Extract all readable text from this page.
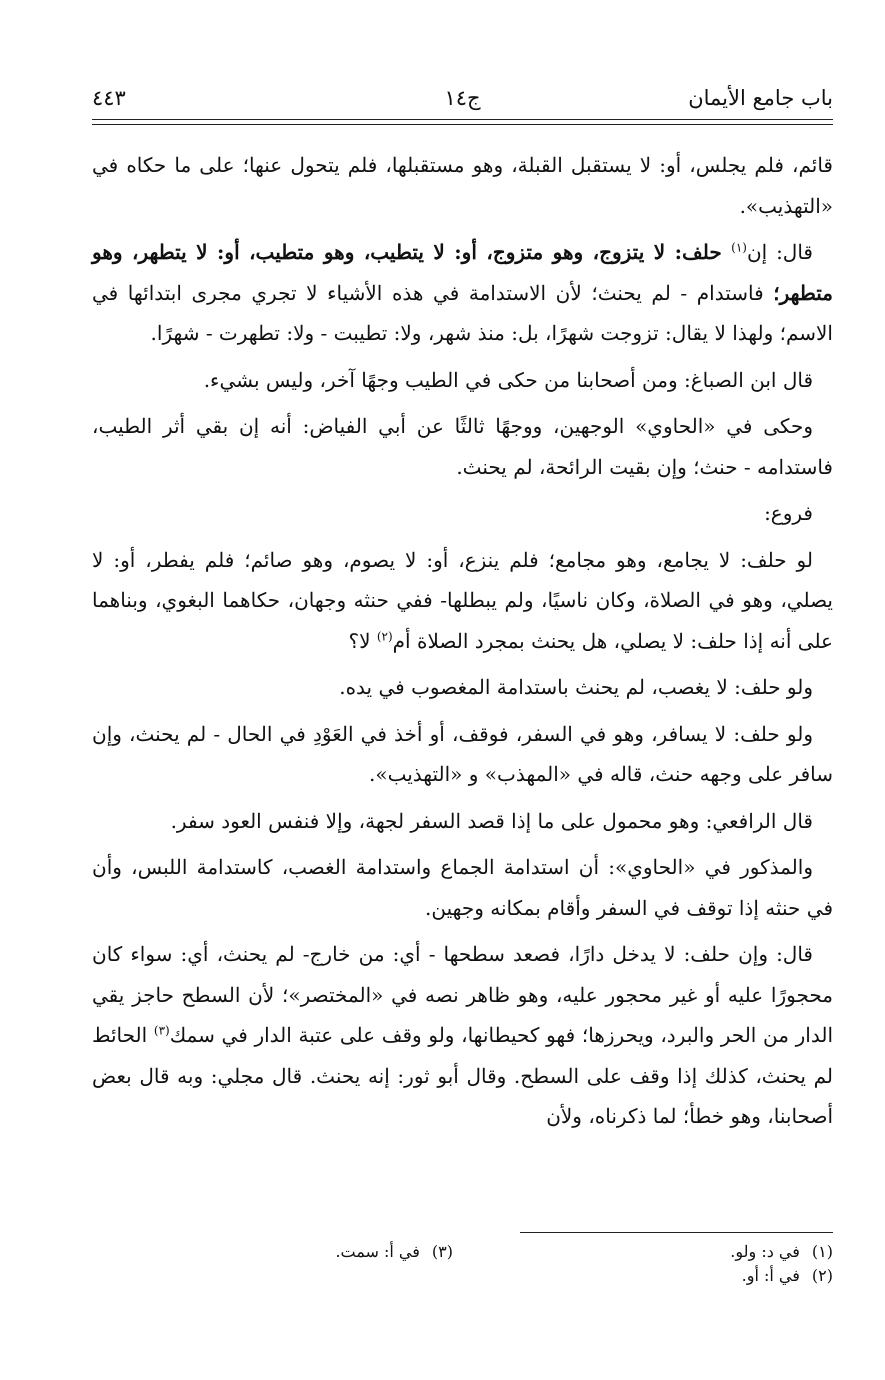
باب جامع الأيمان
ج١٤
٤٤٣

قائم، فلم يجلس، أو: لا يستقبل القبلة، وهو مستقبلها، فلم يتحول عنها؛ على ما حكاه في «التهذيب».

قال: إن$^{(١)}$ حلف: لا يتزوج، وهو متزوج، أو: لا يتطيب، وهو متطيب، أو: لا يتطهر، وهو متطهر؛ فاستدام - لم يحنث؛ لأن الاستدامة في هذه الأشياء لا تجري مجرى ابتدائها في الاسم؛ ولهذا لا يقال: تزوجت شهرًا، بل: منذ شهر، ولا: تطيبت - ولا: تطهرت - شهرًا.

قال ابن الصباغ: ومن أصحابنا من حكى في الطيب وجهًا آخر، وليس بشيء.

وحكى في «الحاوي» الوجهين، ووجهًا ثالثًا عن أبي الفياض: أنه إن بقي أثر الطيب، فاستدامه - حنث؛ وإن بقيت الرائحة، لم يحنث.

فروع:

لو حلف: لا يجامع، وهو مجامع؛ فلم ينزع، أو: لا يصوم، وهو صائم؛ فلم يفطر، أو: لا يصلي، وهو في الصلاة، وكان ناسيًا، ولم يبطلها- ففي حنثه وجهان، حكاهما البغوي، وبناهما على أنه إذا حلف: لا يصلي، هل يحنث بمجرد الصلاة أم$^{(٢)}$ لا؟

ولو حلف: لا يغصب، لم يحنث باستدامة المغصوب في يده.

ولو حلف: لا يسافر، وهو في السفر، فوقف، أو أخذ في العَوْدِ في الحال - لم يحنث، وإن سافر على وجهه حنث، قاله في «المهذب» و «التهذيب».

قال الرافعي: وهو محمول على ما إذا قصد السفر لجهة، وإلا فنفس العود سفر.

والمذكور في «الحاوي»: أن استدامة الجماع واستدامة الغصب، كاستدامة اللبس، وأن في حنثه إذا توقف في السفر وأقام بمكانه وجهين.

قال: وإن حلف: لا يدخل دارًا، فصعد سطحها - أي: من خارج- لم يحنث، أي: سواء كان محجورًا عليه أو غير محجور عليه، وهو ظاهر نصه في «المختصر»؛ لأن السطح حاجز يقي الدار من الحر والبرد، ويحرزها؛ فهو كحيطانها، ولو وقف على عتبة الدار في سمك$^{(٣)}$ الحائط لم يحنث، كذلك إذا وقف على السطح. وقال أبو ثور: إنه يحنث. قال مجلي: وبه قال بعض أصحابنا، وهو خطأ؛ لما ذكرناه، ولأن

(١)في د: ولو.
(٢)في أ: أو.
(٣)في أ: سمت.
